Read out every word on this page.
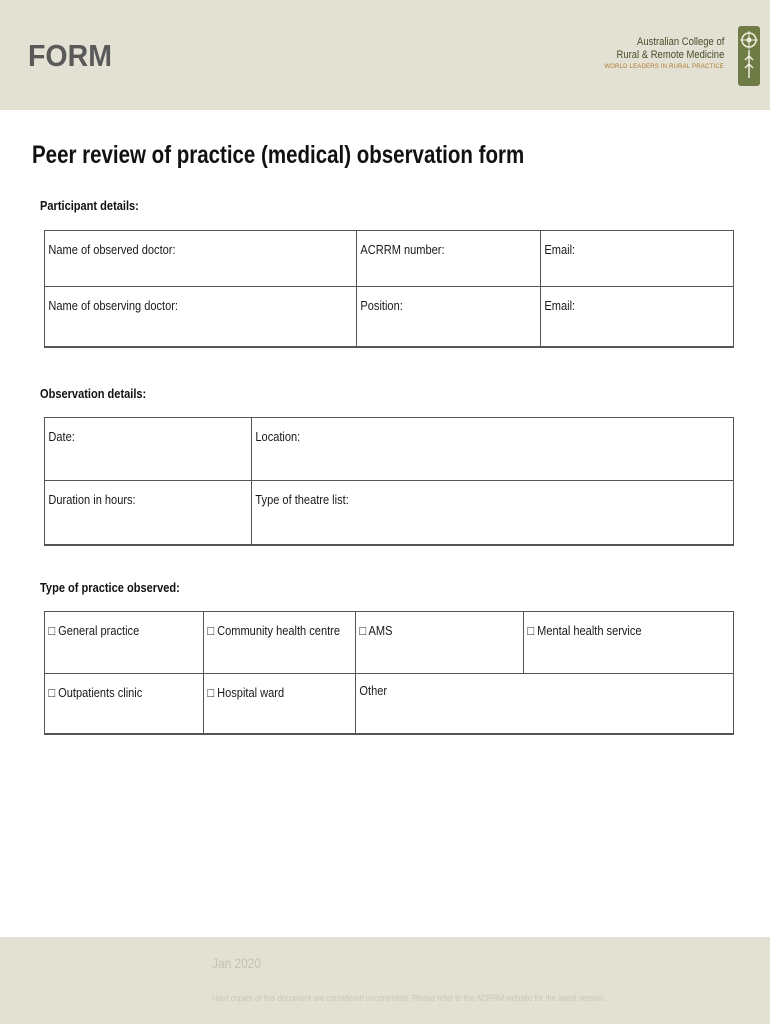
FORM	Australian College of
Rural & Remote Medicine
WORLD LEADERS IN RURAL PRACTICE
Peer review of practice (medical) observation form
Participant details:
Name of observed doctor:	ACRRM number:	Email:
Name of observing doctor:	Position:	Email:
Observation details:
Date:	Location:
Duration in hours:	Type of theatre list:
Type of practice observed:
□ General practice	□ Community health centre	□ AMS	□ Mental health service
□ Outpatients clinic	□ Hospital ward	Other	
Jan 2020
Hard copies of this document are considered uncontrolled. Please refer to the ACRRM website for the latest version.
